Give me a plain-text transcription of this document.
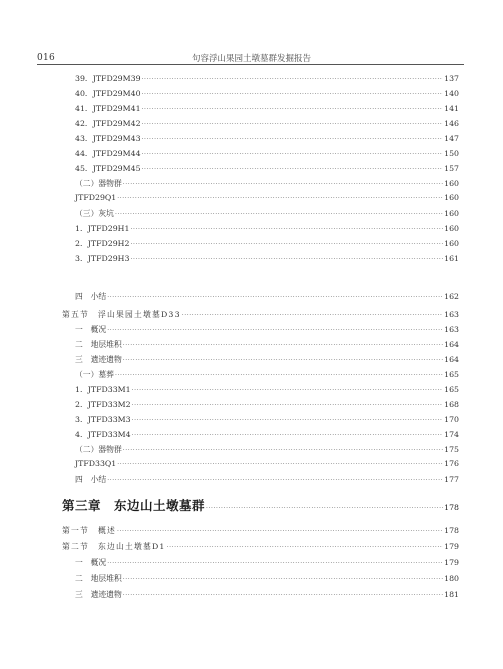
016	句容浮山果园土墩墓群发掘报告
39．JTFD29M39 ·····	137
40．JTFD29M40 ·····	140
41．JTFD29M41 ·····	141
42．JTFD29M42 ·····	146
43．JTFD29M43 ·····	147
44．JTFD29M44 ·····	150
45．JTFD29M45 ·····	157
（二）器物群 ·····	160
JTFD29Q1 ·····	160
（三）灰坑 ·····	160
1．JTFD29H1 ·····	160
2．JTFD29H2 ·····	160
3．JTFD29H3 ·····	161
四　小结 ·····	162
第五节　浮山果园土墩墓D33 ·····	163
一　概况 ·····	163
二　地层堆积 ·····	164
三　遗迹遗物 ·····	164
（一）墓葬 ·····	165
1．JTFD33M1 ·····	165
2．JTFD33M2 ·····	168
3．JTFD33M3 ·····	170
4．JTFD33M4 ·····	174
（二）器物群 ·····	175
JTFD33Q1 ·····	176
四　小结 ·····	177
第三章　东边山土墩墓群 ·····	178
第一节　概述 ·····	178
第二节　东边山土墩墓D1 ·····	179
一　概况 ·····	179
二　地层堆积 ·····	180
三　遗迹遗物 ·····	181
